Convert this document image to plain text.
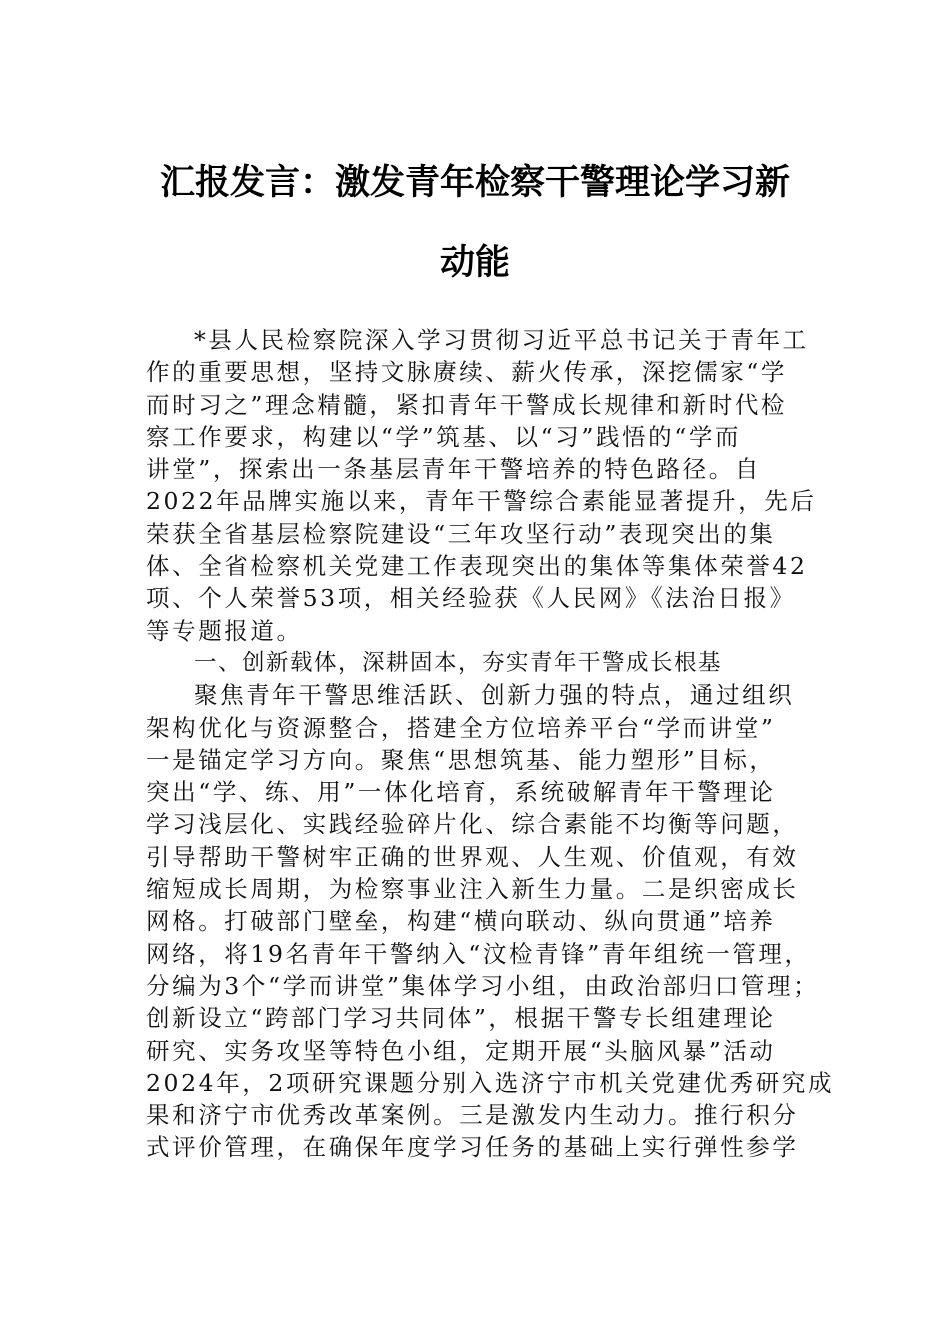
汇报发言：激发青年检察干警理论学习新
动能
*县人民检察院深入学习贯彻习近平总书记关于青年工
作的重要思想，坚持文脉赓续、薪火传承，深挖儒家“学
而时习之”理念精髓，紧扣青年干警成长规律和新时代检
察工作要求，构建以“学”筑基、以“习”践悟的“学而
讲堂”，探索出一条基层青年干警培养的特色路径。自
2022年品牌实施以来，青年干警综合素能显著提升，先后
荣获全省基层检察院建设“三年攻坚行动”表现突出的集
体、全省检察机关党建工作表现突出的集体等集体荣誉42
项、个人荣誉53项，相关经验获《人民网》《法治日报》
等专题报道。
一、创新载体，深耕固本，夯实青年干警成长根基
聚焦青年干警思维活跃、创新力强的特点，通过组织
架构优化与资源整合，搭建全方位培养平台“学而讲堂”
一是锚定学习方向。聚焦“思想筑基、能力塑形”目标，
突出“学、练、用”一体化培育，系统破解青年干警理论
学习浅层化、实践经验碎片化、综合素能不均衡等问题，
引导帮助干警树牢正确的世界观、人生观、价值观，有效
缩短成长周期，为检察事业注入新生力量。二是织密成长
网格。打破部门壁垒，构建“横向联动、纵向贯通”培养
网络，将19名青年干警纳入“汶检青锋”青年组统一管理，
分编为3个“学而讲堂”集体学习小组，由政治部归口管理；
创新设立“跨部门学习共同体”，根据干警专长组建理论
研究、实务攻坚等特色小组，定期开展“头脑风暴”活动
2024年，2项研究课题分别入选济宁市机关党建优秀研究成
果和济宁市优秀改革案例。三是激发内生动力。推行积分
式评价管理，在确保年度学习任务的基础上实行弹性参学
